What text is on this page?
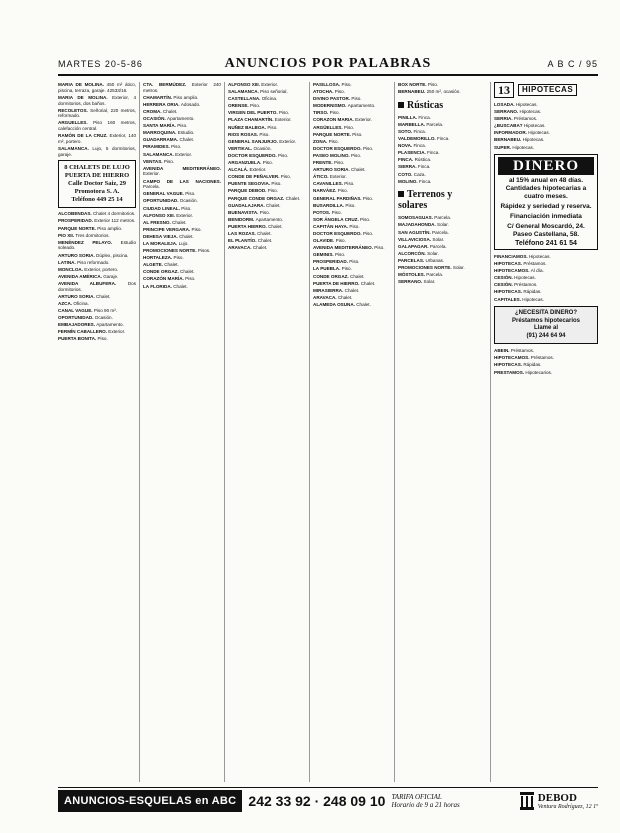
MARTES 20-5-86	ANUNCIOS POR PALABRAS	A B C / 95
MARIA DE MOLINA. 450 m² ático, piscina, terraza, garaje. 42533/16.
MARIA DE MOLINA. Exterior, 4 dormitorios, dos baños.
RECOLETOS. Señorial, 220 metros, reformado.
ARGUELLES. Piso 160 metros, calefacción central.
RAMÓN DE LA CRUZ. Exterior, 140 m², portero.
SALAMANCA. Lujo, 5 dormitorios, garaje.
8 CHALETS DE LUJO
PUERTA DE HIERRO
Calle Doctor Saiz, 29
Promotora S. A.
Teléfono 449 25 14
ALCOBENDAS. Chalet 4 dormitorios.
PROSPERIDAD. Exterior 112 metros.
PARQUE NORTE. Piso amplio.
PIO XII. Tres dormitorios.
MENÉNDEZ PELAYO. Estudio soleado.
ARTURO SORIA. Dúplex, piscina.
LATINA. Piso reformado.
MONCLOA. Exterior, portero.
AVENIDA AMÉRICA. Garaje.
AVENIDA ALBUFERA. Dos dormitorios.
ARTURO SORIA. Chalet.
AZCA. Oficina.
CANAL VAGUE. Piso 90 m².
OPORTUNIDAD. Ocasión.
EMBAJADORES. Apartamento.
FERMÍN CABALLERO. Exterior.
PUERTA BONITA. Piso.
CTA. BERMÚDEZ. Exterior 240 metros.
CHAMARTÍN. Piso amplio.
HERRERA ORIA. Adosado.
CROMA. Chalet.
OCASIÓN. Apartamento.
SANTA MARÍA. Piso.
MARROQUINA. Estudio.
GUADARRAMA. Chalet.
PIRAMIDES. Piso.
SALAMANCA. Exterior.
VENTAS. Piso.
AVENIDA MEDITERRÁNEO. Exterior.
CAMPO DE LAS NACIONES. Parcela.
GENERAL VAGUE. Piso.
OPORTUNIDAD. Ocasión.
CIUDAD LINEAL. Piso.
ALFONSO XIII. Exterior.
AL FRESNO. Chalet.
PRINCIPE VERGARA. Piso.
DEHESA VIEJA. Chalet.
LA MORALEJA. Lujo.
PROMOCIONES NORTE. Pisos.
HORTALEZA. Piso.
ALGETE. Chalet.
CONDE ORGAZ. Chalet.
CORAZÓN MARÍA. Piso.
LA FLORIDA. Chalet.
ALFONSO XIII. Exterior.
SALAMANCA. Piso señorial.
CASTELLANA. Oficina.
ORENSE. Piso.
VIRGEN DEL PUERTO. Piso.
PLAZA CHAMARTÍN. Exterior.
NUÑEZ BALBOA. Piso.
RIOS ROSAS. Piso.
GENERAL SANJURJO. Exterior.
VERTIKAL. Ocasión.
DOCTOR ESQUERDO. Piso.
ARGANZUELA. Piso.
ALCALÁ. Exterior.
CONDE DE PEÑALVER. Piso.
PUENTE SEGOVIA. Piso.
PARQUE DEBOD. Piso.
PARQUE CONDE ORGAZ. Chalet.
GUADALAJARA. Chalet.
BUENAVISTA. Piso.
BENIDORM. Apartamento.
PUERTA HIERRO. Chalet.
LAS ROZAS. Chalet.
EL PLANTÍO. Chalet.
ARAVACA. Chalet.
PASILLOSA. Piso.
ATOCHA. Piso.
DIVINO PASTOR. Piso.
MODERNISMO. Apartamento.
TIRSO. Piso.
CORAZON MARIA. Exterior.
ARGÜELLES. Piso.
PARQUE NORTE. Piso.
ZONA. Piso.
DOCTOR ESQUERDO. Piso.
PASEO MOLINO. Piso.
FRENTE. Piso.
ARTURO SORIA. Chalet.
ÁTICO. Exterior.
CAVANILLES. Piso.
NARVÁEZ. Piso.
GENERAL PARDIÑAS. Piso.
BUSARDILLA. Piso.
POTOS. Piso.
SOR ÁNGELA CRUZ. Piso.
CAPITÁN HAYA. Piso.
DOCTOR ESQUERDO. Piso.
OLAVIDE. Piso.
AVENIDA MEDITERRÁNEO. Piso.
GEMINIS. Piso.
PROSPERIDAD. Piso.
LA PUEBLA. Piso.
CONDE ORGAZ. Chalet.
PUERTA DE HIERRO. Chalet.
MIRASIERRA. Chalet.
ARAVACA. Chalet.
ALAMEDA OSUNA. Chalet.
BOX NORTE. Piso.
BERNABEU. 250 m², ocasión.
Rústicas
PINILLA. Finca.
MARBELLA. Parcela.
SOTO. Finca.
VALDEMORILLO. Finca.
NOVA. Finca.
PLASENCIA. Finca.
FINCA. Rústica.
SIERRA. Finca.
COTO. Caza.
MOLINO. Finca.
Terrenos y solares
SOMOSAGUAS. Parcela.
MAJADAHONDA. Solar.
SAN AGUSTÍN. Parcela.
VILLAVICIOSA. Solar.
GALAPAGAR. Parcela.
ALCORCÓN. Solar.
PARCELAS. Urbanas.
PROMOCIONES NORTE. Solar.
MÓSTOLES. Parcela.
SERRANO. Solar.
13	HIPOTECAS
LOSADA. Hipotecas.
SERRANO. Hipotecas.
SERRIA. Préstamos.
¿BUSCABA? Hipotecas.
INFORMADOR. Hipotecas.
BERNABEU. Hipotecas.
SUPER. Hipotecas.
DINERO
al 15% anual en 48 días. Cantidades hipotecarias a cuatro meses.
Rápidez y seriedad y reserva.
Financiación inmediata
C/ General Moscardó, 24. Paseo Castellana, 58.
Teléfono 241 61 54
FINANCIAMOS. Hipotecas.
HIPOTECAS. Préstamos.
HIPOTECAMOS. Al día.
CESIÓN. Hipotecas.
CESIÓN. Préstamos.
HIPOTECAS. Rápidas.
CAPITALES. Hipotecas.
¿NECESITA DINERO?
Préstamos hipotecarios
Llame al
(91) 244 64 94
ABEIN. Préstamos.
HIPOTECAMOS. Préstamos.
HIPOTECAS. Rápidas.
PRESTAMOS. Hipotecarios.
ANUNCIOS-ESQUELAS en ABC 242 33 92 · 248 09 10 TARIFA OFICIAL
Horario de 9 a 21 horas
DEBOD
Ventura Rodríguez, 12 1º
